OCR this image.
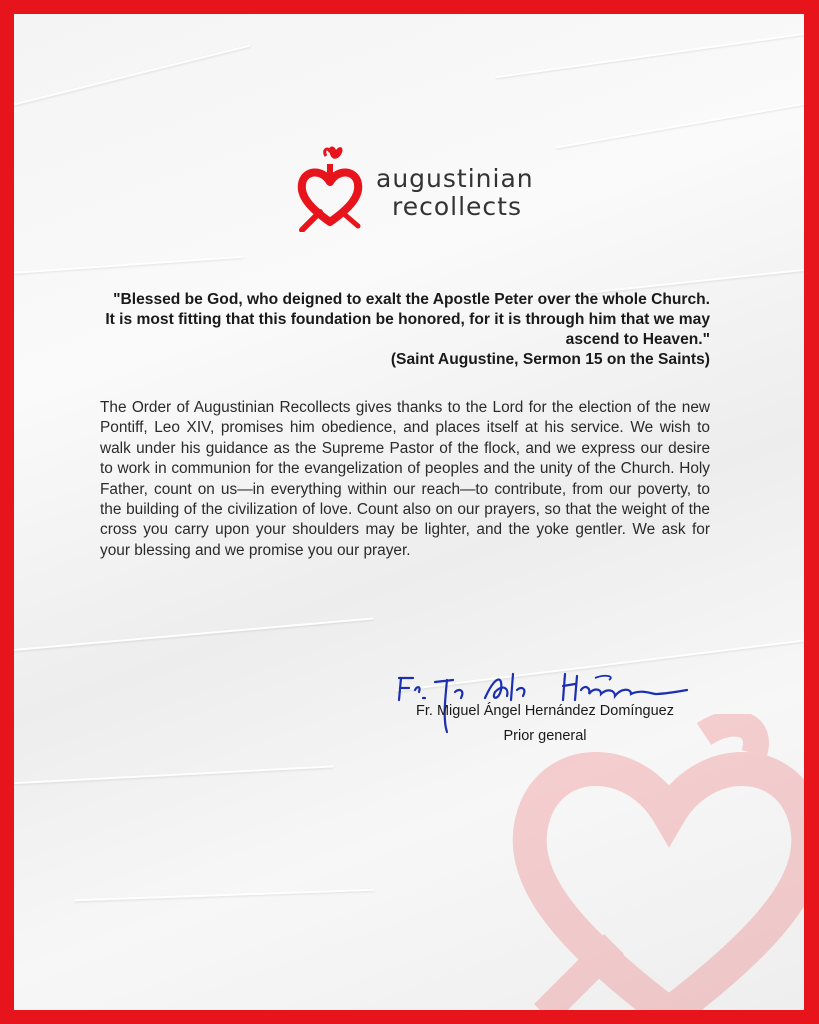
augustinian
recollects
"Blessed be God, who deigned to exalt the Apostle Peter over the whole Church. It is most fitting that this foundation be honored, for it is through him that we may ascend to Heaven."
(Saint Augustine, Sermon 15 on the Saints)
The Order of Augustinian Recollects gives thanks to the Lord for the election of the new Pontiff, Leo XIV, promises him obedience, and places itself at his service. We wish to walk under his guidance as the Supreme Pastor of the flock, and we express our desire to work in communion for the evangelization of peoples and the unity of the Church. Holy Father, count on us—in everything within our reach—to contribute, from our poverty, to the building of the civilization of love. Count also on our prayers, so that the weight of the cross you carry upon your shoulders may be lighter, and the yoke gentler. We ask for your blessing and we promise you our prayer.
Fr. Miguel Ángel Hernández Domínguez
Prior general
